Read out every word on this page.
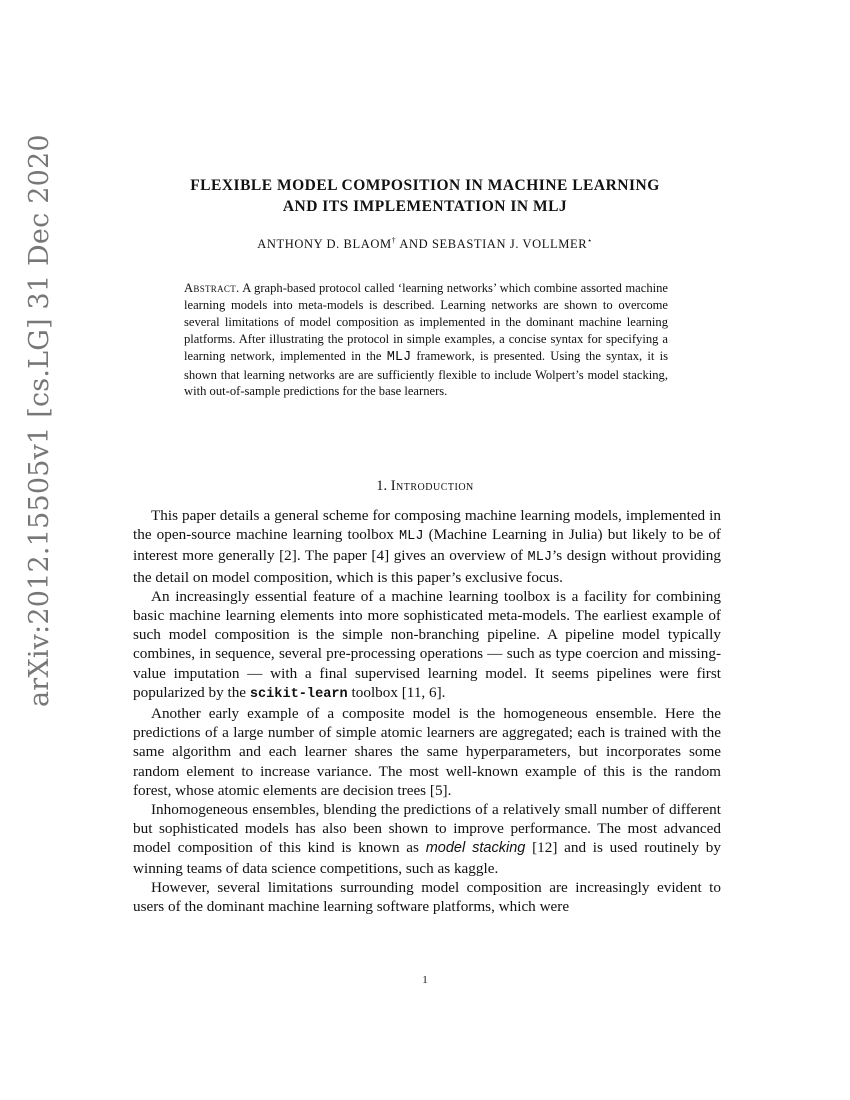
arXiv:2012.15505v1 [cs.LG] 31 Dec 2020	FLEXIBLE MODEL COMPOSITION IN MACHINE LEARNING
AND ITS IMPLEMENTATION IN MLJ
ANTHONY D. BLAOM† AND SEBASTIAN J. VOLLMER⋆
Abstract. A graph-based protocol called ‘learning networks’ which combine assorted machine learning models into meta-models is described. Learning networks are shown to overcome several limitations of model composition as implemented in the dominant machine learning platforms. After illustrating the protocol in simple examples, a concise syntax for specifying a learning network, implemented in the MLJ framework, is presented. Using the syntax, it is shown that learning networks are are sufficiently flexible to include Wolpert’s model stacking, with out-of-sample predictions for the base learners.
1. Introduction

This paper details a general scheme for composing machine learning models, implemented in the open-source machine learning toolbox MLJ (Machine Learning in Julia) but likely to be of interest more generally [2]. The paper [4] gives an overview of MLJ’s design without providing the detail on model composition, which is this paper’s exclusive focus.

An increasingly essential feature of a machine learning toolbox is a facility for combining basic machine learning elements into more sophisticated meta-models. The earliest example of such model composition is the simple non-branching pipeline. A pipeline model typically combines, in sequence, several pre-processing operations — such as type coercion and missing-value imputation — with a final supervised learning model. It seems pipelines were first popularized by the scikit-learn toolbox [11, 6].

Another early example of a composite model is the homogeneous ensemble. Here the predictions of a large number of simple atomic learners are aggregated; each is trained with the same algorithm and each learner shares the same hyperparameters, but incorporates some random element to increase variance. The most well-known example of this is the random forest, whose atomic elements are decision trees [5].

Inhomogeneous ensembles, blending the predictions of a relatively small number of different but sophisticated models has also been shown to improve performance. The most advanced model composition of this kind is known as model stacking [12] and is used routinely by winning teams of data science competitions, such as kaggle.

However, several limitations surrounding model composition are increasingly evident to users of the dominant machine learning software platforms, which were

1
